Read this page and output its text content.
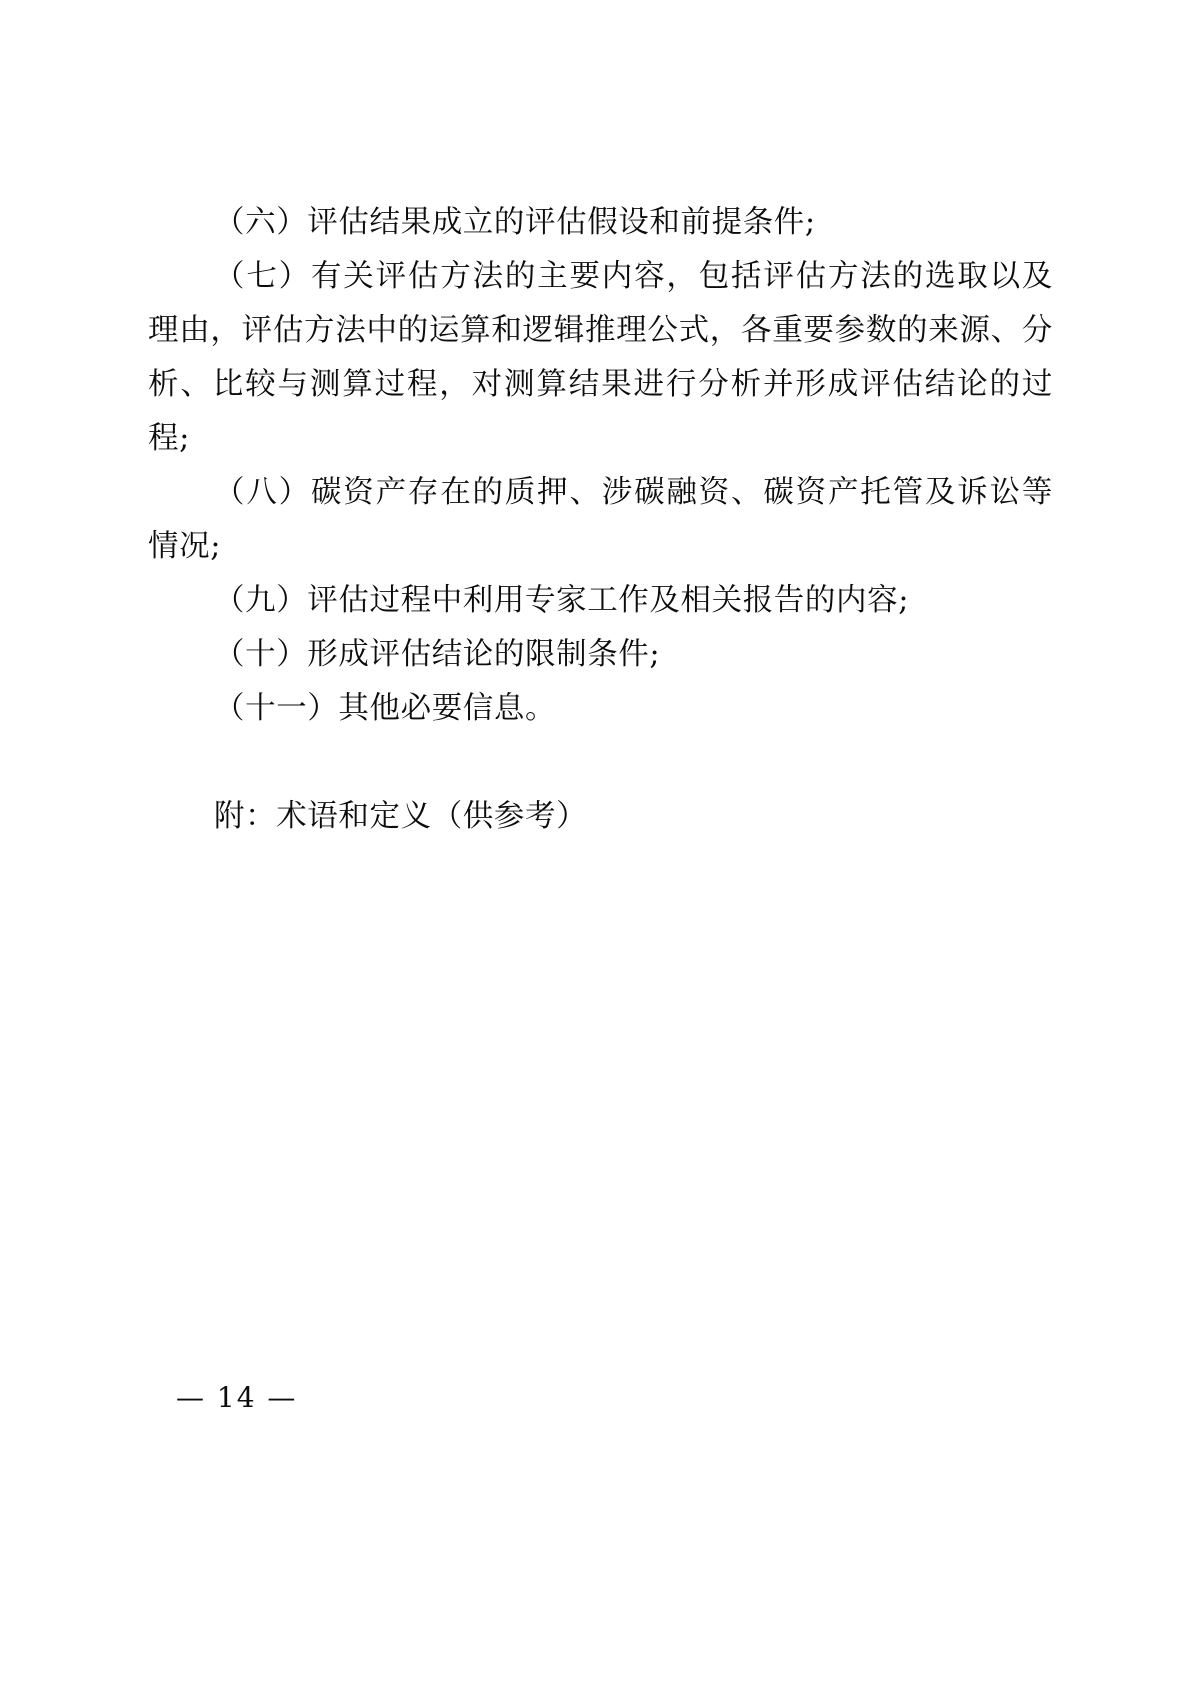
（六）评估结果成立的评估假设和前提条件;

（七）有关评估方法的主要内容，包括评估方法的选取以及理由，评估方法中的运算和逻辑推理公式，各重要参数的来源、分析、比较与测算过程，对测算结果进行分析并形成评估结论的过程;

（八）碳资产存在的质押、涉碳融资、碳资产托管及诉讼等情况;

（九）评估过程中利用专家工作及相关报告的内容;

（十）形成评估结论的限制条件;

（十一）其他必要信息。

附：术语和定义（供参考）

— 14 —
